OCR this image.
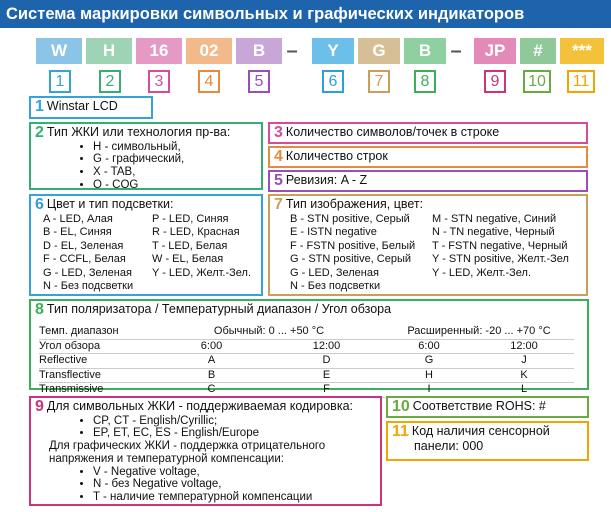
Система маркировки символьных и графических индикаторов
W	H	16	02	B	–	Y	G	B –	JP	#	***
1	2	3	4	5	6	7	8	9	10	11
1 Winstar LCD
2 Тип ЖКИ или технология пр-ва:
• H - символьный,
• G - графический,
• X - TAB,
• O - COG
3 Количество символов/точек в строке
4 Количество строк
5 Ревизия: A - Z
6 Цвет и тип подсветки:
A - LED, Алая	P - LED, Синяя
B - EL, Синяя	R - LED, Красная
D - EL, Зеленая	T - LED, Белая
F - CCFL, Белая	W - EL, Белая
G - LED, Зеленая	Y - LED, Желт.-Зел.
N - Без подсветки
7 Тип изображения, цвет:
B - STN positive, Серый	M - STN negative, Синий
E - ISTN negative	N - TN negative, Черный
F - FSTN positive, Белый	T - FSTN negative, Черный
G - STN positive, Серый	Y - STN positive, Желт.-Зел
G - LED, Зеленая	Y - LED, Желт.-Зел.
N - Без подсветки
8 Тип поляризатора / Температурный диапазон / Угол обзора
Темп. диапазон	Обычный: 0 ... +50 °C		Расширенный: -20 ... +70 °C	
Угол обзора	6:00	12:00	6:00	12:00
Reflective	A	D	G	J
Transflective	B	E	H	K
Transmissive	C	F	I	L
9 Для символьных ЖКИ - поддерживаемая кодировка:
• CP, CT - English/Cyrillic;
• EP, ET, EC, ES - English/Europe
Для графических ЖКИ - поддержка отрицательного
напряжения и температурной компенсации:
• V - Negative voltage,
• N - без Negative voltage,
• T - наличие температурной компенсации
10 Соответствие ROHS: #
11 Код наличия сенсорной
панели: 000
